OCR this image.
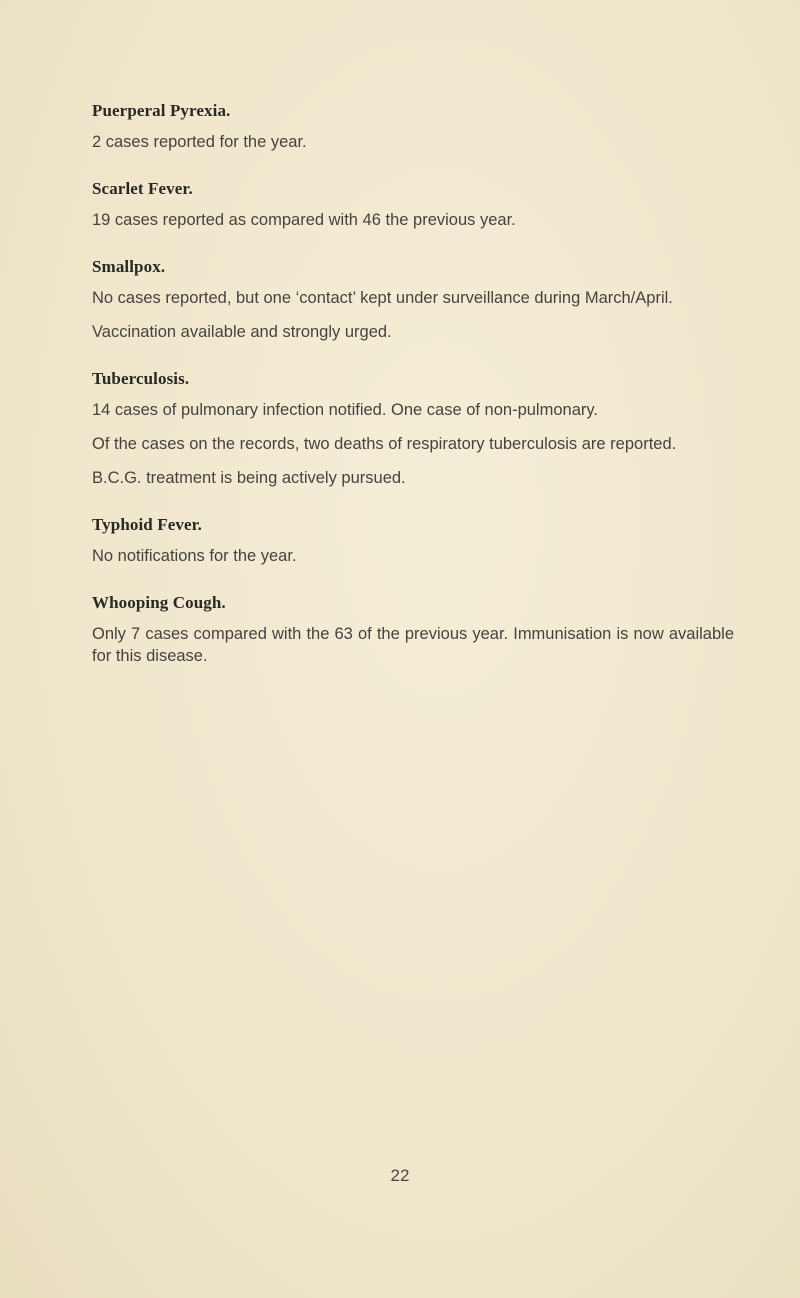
Puerperal Pyrexia.
2 cases reported for the year.
Scarlet Fever.
19 cases reported as compared with 46 the previous year.
Smallpox.
No cases reported, but one ‘contact’ kept under surveillance during March/April.
Vaccination available and strongly urged.
Tuberculosis.
14 cases of pulmonary infection notified. One case of non-pulmonary.
Of the cases on the records, two deaths of respiratory tuberculosis are reported.
B.C.G. treatment is being actively pursued.
Typhoid Fever.
No notifications for the year.
Whooping Cough.
Only 7 cases compared with the 63 of the previous year. Immunisation is now available for this disease.
22
